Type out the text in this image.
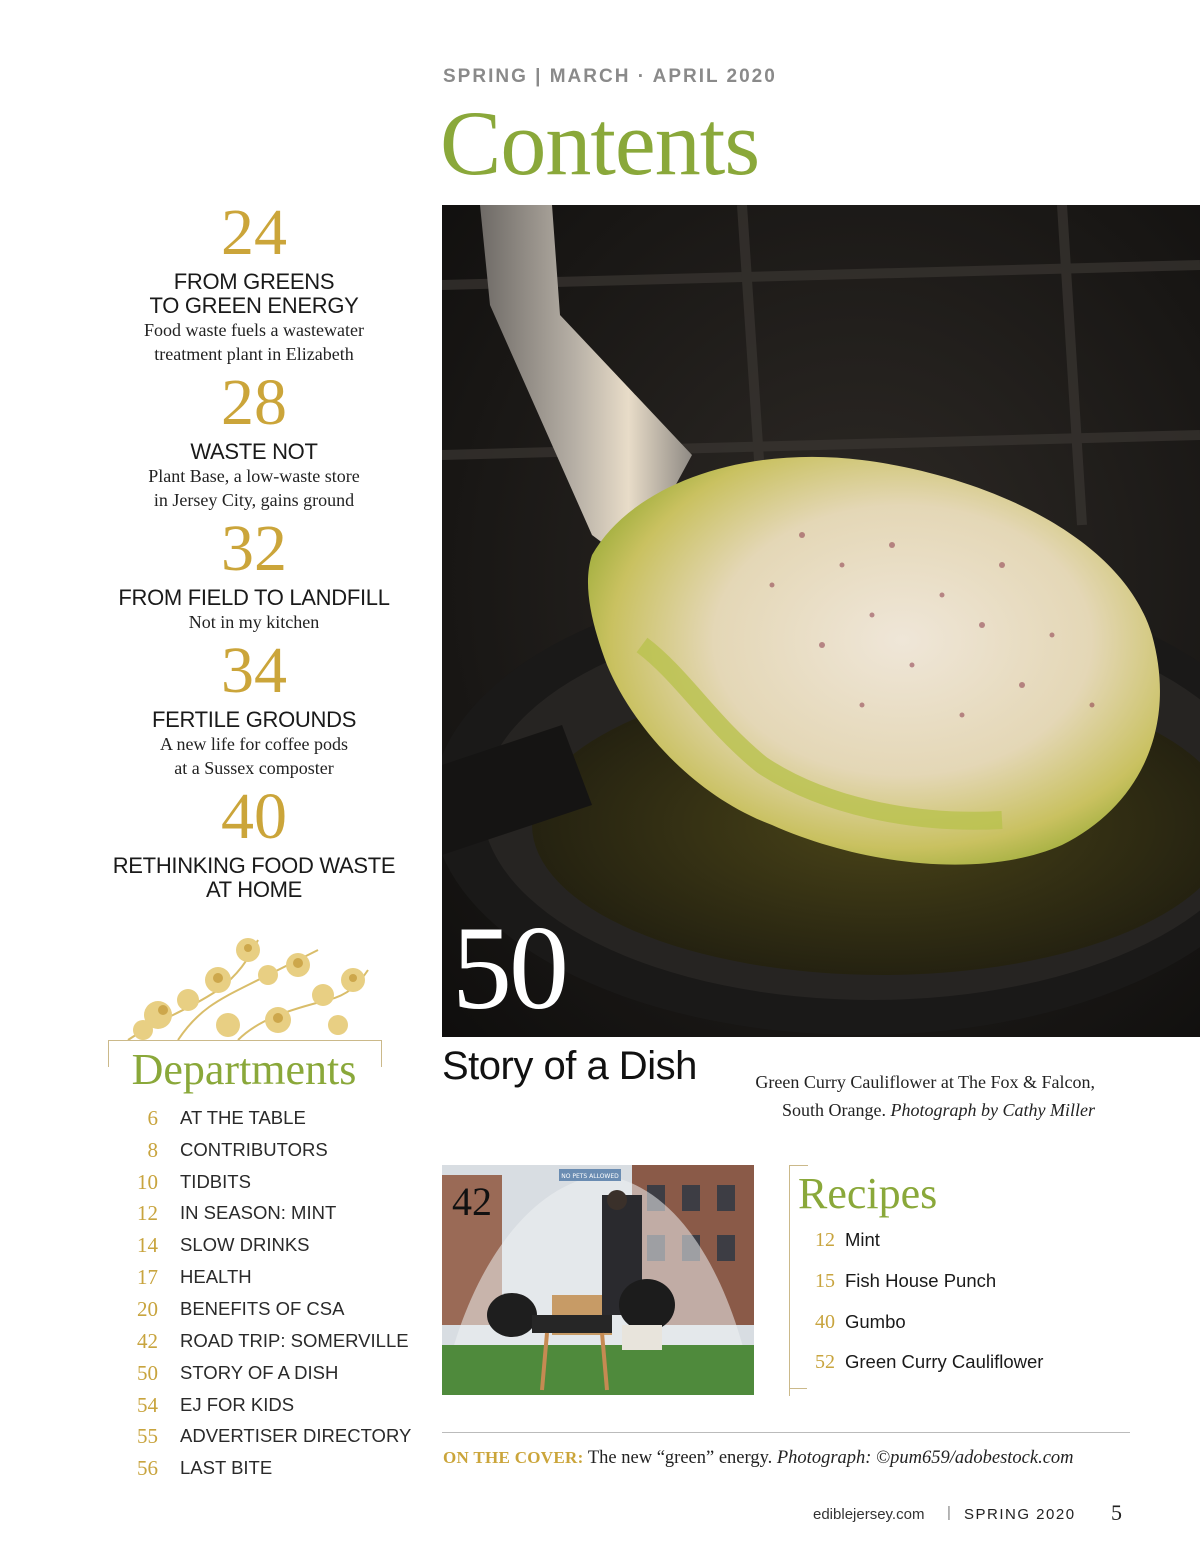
SPRING | MARCH · APRIL 2020
Contents
24
FROM GREENS
TO GREEN ENERGY
Food waste fuels a wastewater
treatment plant in Elizabeth
28
WASTE NOT
Plant Base, a low-waste store
in Jersey City, gains ground
32
FROM FIELD TO LANDFILL
Not in my kitchen
34
FERTILE GROUNDS
A new life for coffee pods
at a Sussex composter
40
RETHINKING FOOD WASTE
AT HOME
50
Story of a Dish	Green Curry Cauliflower at The Fox & Falcon,
South Orange. Photograph by Cathy Miller
Departments
6 AT THE TABLE
8 CONTRIBUTORS
10 TIDBITS
12 IN SEASON: MINT
14 SLOW DRINKS
17 HEALTH
20 BENEFITS OF CSA
42 ROAD TRIP: SOMERVILLE
50 STORY OF A DISH
54 EJ FOR KIDS
55 ADVERTISER DIRECTORY
56 LAST BITE
NO PETS ALLOWED
42	Recipes
12 Mint
15 Fish House Punch
40 Gumbo
52 Green Curry Cauliflower
ON THE COVER: The new “green” energy. Photograph: ©pum659/adobestock.com
ediblejersey.com | SPRING 2020 5
